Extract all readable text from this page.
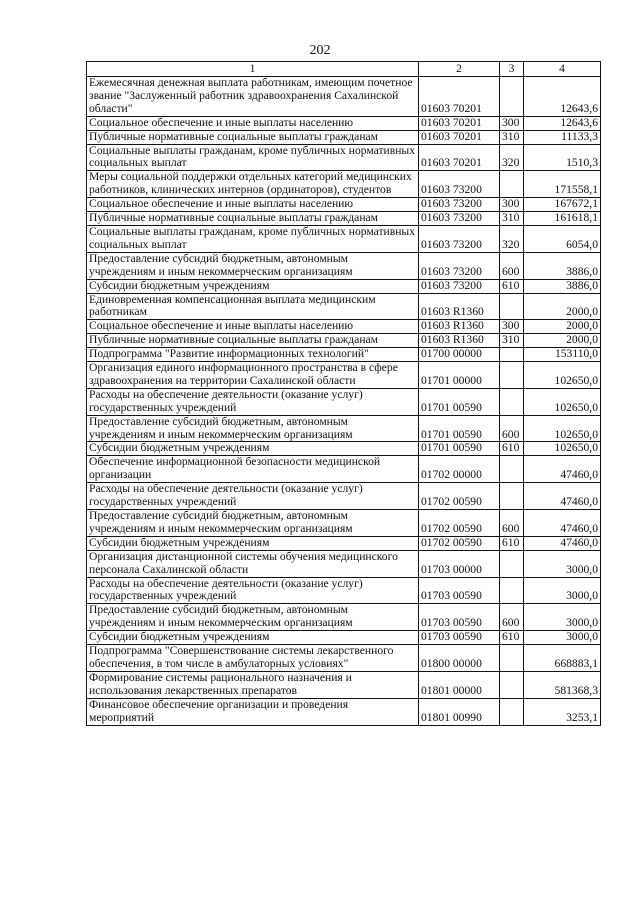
202
1	2	3	4
Ежемесячная денежная выплата работникам, имеющим почетное звание "Заслуженный работник здравоохранения Сахалинской области"	01603 70201		12643,6
Социальное обеспечение и иные выплаты населению	01603 70201	300	12643,6
Публичные нормативные социальные выплаты гражданам	01603 70201	310	11133,3
Социальные выплаты гражданам, кроме публичных нормативных социальных выплат	01603 70201	320	1510,3
Меры социальной поддержки отдельных категорий медицинских работников, клинических интернов (ординаторов), студентов	01603 73200		171558,1
Социальное обеспечение и иные выплаты населению	01603 73200	300	167672,1
Публичные нормативные социальные выплаты гражданам	01603 73200	310	161618,1
Социальные выплаты гражданам, кроме публичных нормативных социальных выплат	01603 73200	320	6054,0
Предоставление субсидий бюджетным, автономным учреждениям и иным некоммерческим организациям	01603 73200	600	3886,0
Субсидии бюджетным учреждениям	01603 73200	610	3886,0
Единовременная компенсационная выплата медицинским работникам	01603 R1360		2000,0
Социальное обеспечение и иные выплаты населению	01603 R1360	300	2000,0
Публичные нормативные социальные выплаты гражданам	01603 R1360	310	2000,0
Подпрограмма "Развитие информационных технологий"	01700 00000		153110,0
Организация единого информационного пространства в сфере здравоохранения на территории Сахалинской области	01701 00000		102650,0
Расходы на обеспечение деятельности (оказание услуг) государственных учреждений	01701 00590		102650,0
Предоставление субсидий бюджетным, автономным учреждениям и иным некоммерческим организациям	01701 00590	600	102650,0
Субсидии бюджетным учреждениям	01701 00590	610	102650,0
Обеспечение информационной безопасности медицинской организации	01702 00000		47460,0
Расходы на обеспечение деятельности (оказание услуг) государственных учреждений	01702 00590		47460,0
Предоставление субсидий бюджетным, автономным учреждениям и иным некоммерческим организациям	01702 00590	600	47460,0
Субсидии бюджетным учреждениям	01702 00590	610	47460,0
Организация дистанционной системы обучения медицинского персонала Сахалинской области	01703 00000		3000,0
Расходы на обеспечение деятельности (оказание услуг) государственных учреждений	01703 00590		3000,0
Предоставление субсидий бюджетным, автономным учреждениям и иным некоммерческим организациям	01703 00590	600	3000,0
Субсидии бюджетным учреждениям	01703 00590	610	3000,0
Подпрограмма "Совершенствование системы лекарственного обеспечения, в том числе в амбулаторных условиях"	01800 00000		668883,1
Формирование системы рационального назначения и использования лекарственных препаратов	01801 00000		581368,3
Финансовое обеспечение организации и проведения мероприятий	01801 00990		3253,1
